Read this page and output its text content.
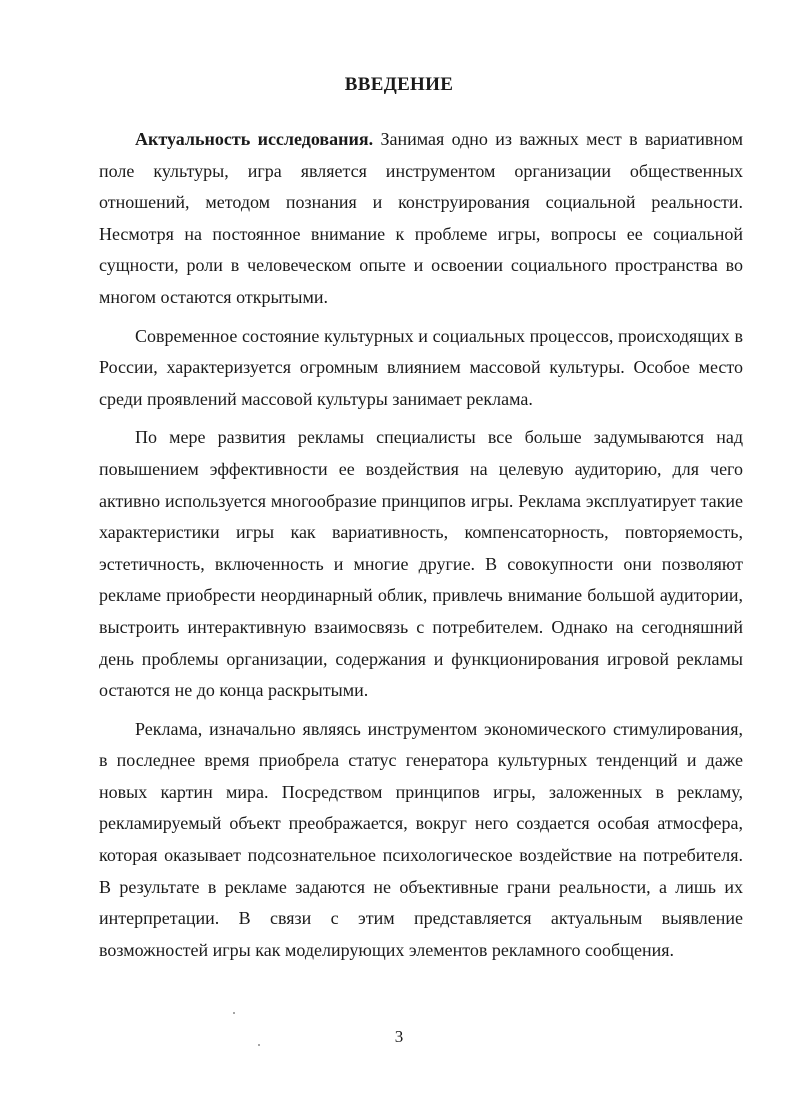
ВВЕДЕНИЕ

Актуальность исследования. Занимая одно из важных мест в вариативном поле культуры, игра является инструментом организации общественных отношений, методом познания и конструирования социальной реальности. Несмотря на постоянное внимание к проблеме игры, вопросы ее социальной сущности, роли в человеческом опыте и освоении социального пространства во многом остаются открытыми.

Современное состояние культурных и социальных процессов, происходящих в России, характеризуется огромным влиянием массовой культуры. Особое место среди проявлений массовой культуры занимает реклама.

По мере развития рекламы специалисты все больше задумываются над повышением эффективности ее воздействия на целевую аудиторию, для чего активно используется многообразие принципов игры. Реклама эксплуатирует такие характеристики игры как вариативность, компенсаторность, повторяемость, эстетичность, включенность и многие другие. В совокупности они позволяют рекламе приобрести неординарный облик, привлечь внимание большой аудитории, выстроить интерактивную взаимосвязь с потребителем. Однако на сегодняшний день проблемы организации, содержания и функционирования игровой рекламы остаются не до конца раскрытыми.

Реклама, изначально являясь инструментом экономического стимулирования, в последнее время приобрела статус генератора культурных тенденций и даже новых картин мира. Посредством принципов игры, заложенных в рекламу, рекламируемый объект преображается, вокруг него создается особая атмосфера, которая оказывает подсознательное психологическое воздействие на потребителя. В результате в рекламе задаются не объективные грани реальности, а лишь их интерпретации. В связи с этим представляется актуальным выявление возможностей игры как моделирующих элементов рекламного сообщения.

3
